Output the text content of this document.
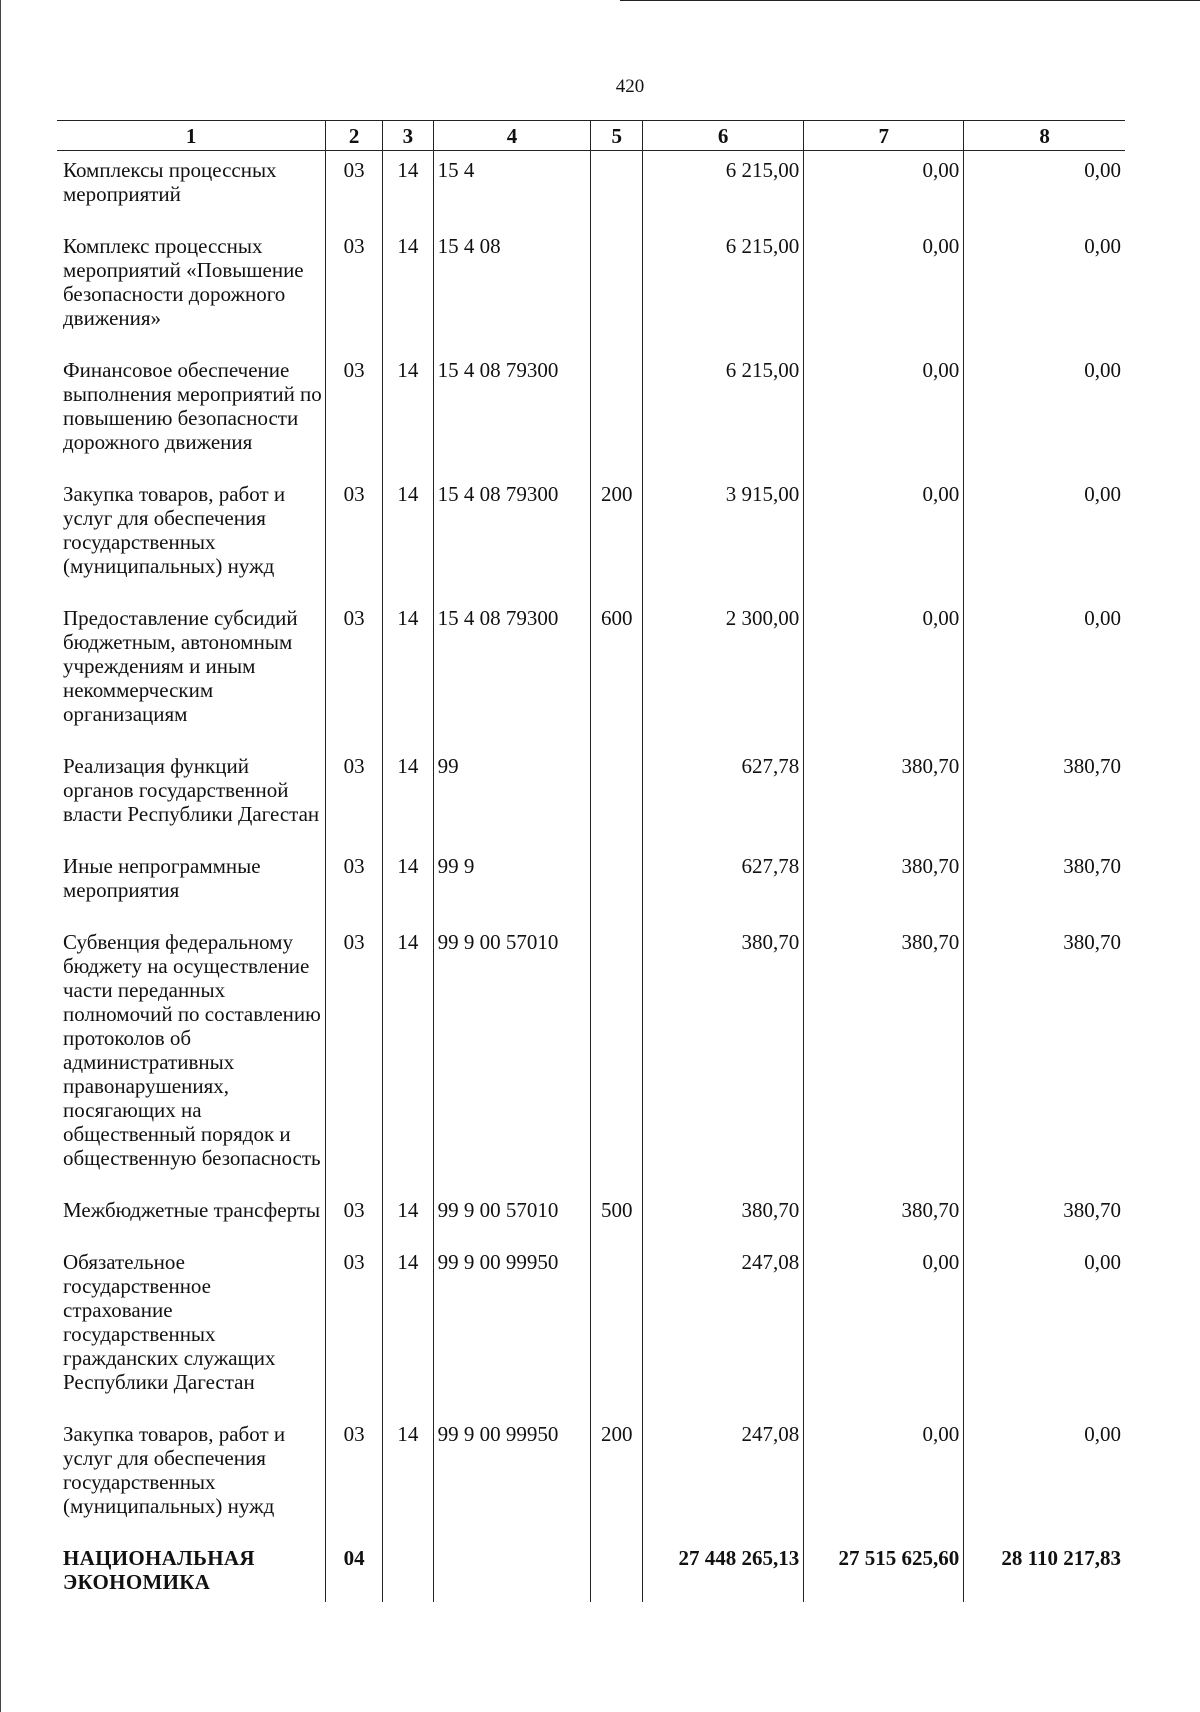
420
1	2	3	4	5	6	7	8
Комплексы процессных мероприятий	03	14	15 4		6 215,00	0,00	0,00
Комплекс процессных мероприятий «Повышение безопасности дорожного движения»	03	14	15 4 08		6 215,00	0,00	0,00
Финансовое обеспечение выполнения мероприятий по повышению безопасности дорожного движения	03	14	15 4 08 79300		6 215,00	0,00	0,00
Закупка товаров, работ и услуг для обеспечения государственных (муниципальных) нужд	03	14	15 4 08 79300	200	3 915,00	0,00	0,00
Предоставление субсидий бюджетным, автономным учреждениям и иным некоммерческим организациям	03	14	15 4 08 79300	600	2 300,00	0,00	0,00
Реализация функций органов государственной власти Республики Дагестан	03	14	99		627,78	380,70	380,70
Иные непрограммные мероприятия	03	14	99 9		627,78	380,70	380,70
Субвенция федеральному бюджету на осуществление части переданных полномочий по составлению протоколов об административных правонарушениях, посягающих на общественный порядок и общественную безопасность	03	14	99 9 00 57010		380,70	380,70	380,70
Межбюджетные трансферты	03	14	99 9 00 57010	500	380,70	380,70	380,70
Обязательное государственное страхование государственных гражданских служащих Республики Дагестан	03	14	99 9 00 99950		247,08	0,00	0,00
Закупка товаров, работ и услуг для обеспечения государственных (муниципальных) нужд	03	14	99 9 00 99950	200	247,08	0,00	0,00
НАЦИОНАЛЬНАЯ ЭКОНОМИКА	04				27 448 265,13	27 515 625,60	28 110 217,83
